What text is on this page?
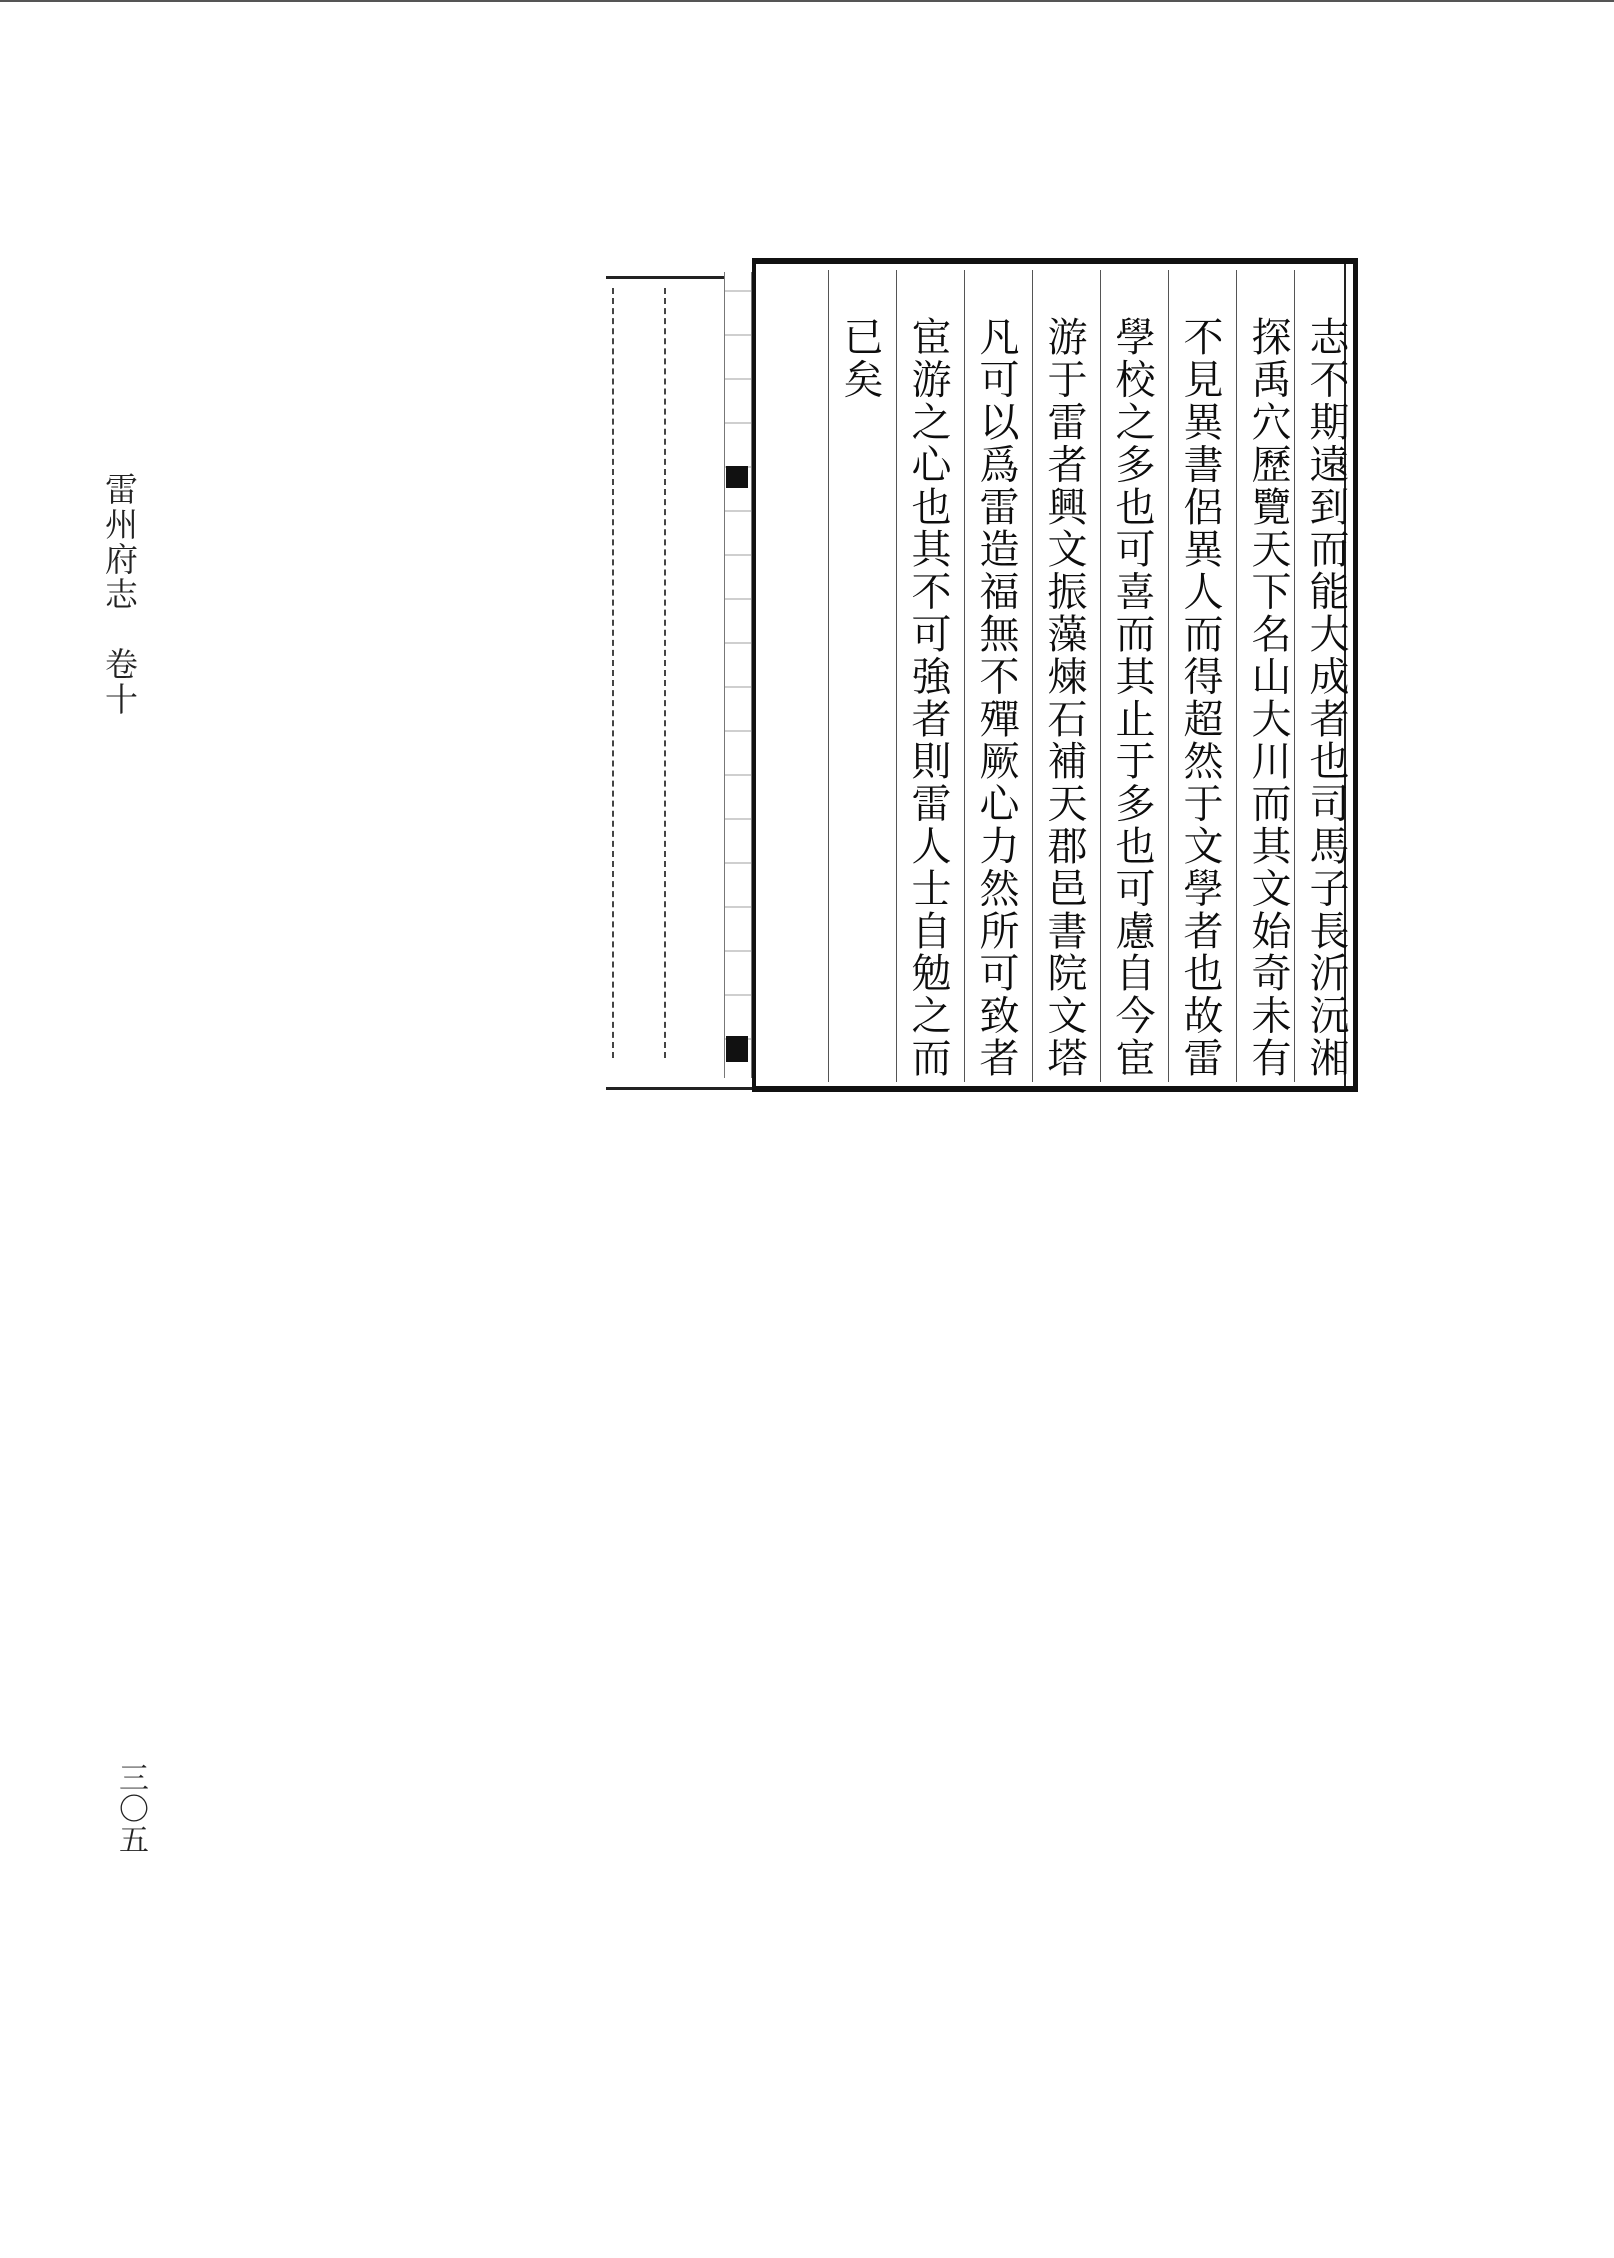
雷州府志　卷十
三〇五
志不期遠到而能大成者也司馬子長沂沅湘
探禹穴歷覽天下名山大川而其文始奇未有
不見異書侶異人而得超然于文學者也故雷
學校之多也可喜而其止于多也可慮自今宦
游于雷者興文振藻煉石補天郡邑書院文塔
凡可以爲雷造福無不殫厥心力然所可致者
宦游之心也其不可強者則雷人士自勉之而
已矣
